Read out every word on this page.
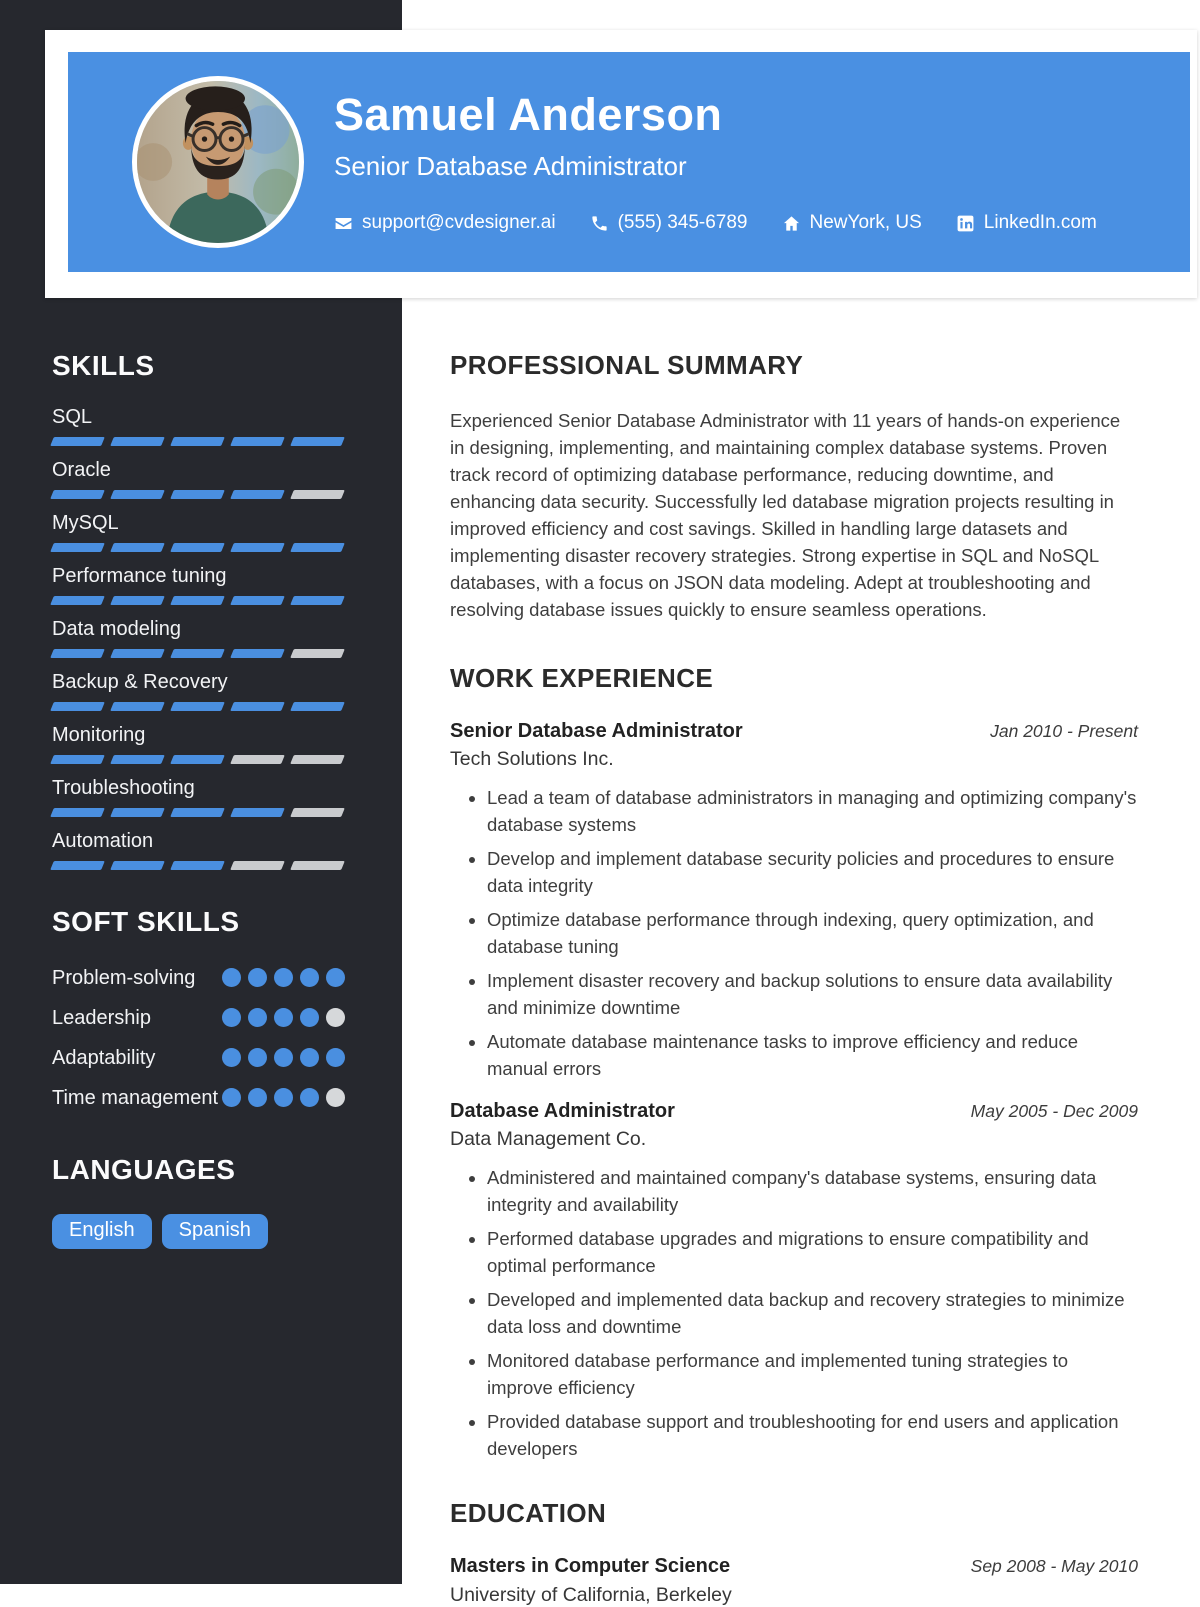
Samuel Anderson
Senior Database Administrator
support@cvdesigner.ai	(555) 345-6789	NewYork, US	LinkedIn.com
SKILLS
SQL
Oracle
MySQL
Performance tuning
Data modeling
Backup & Recovery
Monitoring
Troubleshooting
Automation
SOFT SKILLS
Problem-solving
Leadership
Adaptability
Time management
LANGUAGES
English	Spanish
PROFESSIONAL SUMMARY

Experienced Senior Database Administrator with 11 years of hands-on experience in designing, implementing, and maintaining complex database systems. Proven track record of optimizing database performance, reducing downtime, and enhancing data security. Successfully led database migration projects resulting in improved efficiency and cost savings. Skilled in handling large datasets and implementing disaster recovery strategies. Strong expertise in SQL and NoSQL databases, with a focus on JSON data modeling. Adept at troubleshooting and resolving database issues quickly to ensure seamless operations.

WORK EXPERIENCE
Senior Database Administrator	Jan 2010 - Present
Tech Solutions Inc.
• Lead a team of database administrators in managing and optimizing company's database systems
• Develop and implement database security policies and procedures to ensure data integrity
• Optimize database performance through indexing, query optimization, and database tuning
• Implement disaster recovery and backup solutions to ensure data availability and minimize downtime
• Automate database maintenance tasks to improve efficiency and reduce manual errors
Database Administrator	May 2005 - Dec 2009
Data Management Co.
• Administered and maintained company's database systems, ensuring data integrity and availability
• Performed database upgrades and migrations to ensure compatibility and optimal performance
• Developed and implemented data backup and recovery strategies to minimize data loss and downtime
• Monitored database performance and implemented tuning strategies to improve efficiency
• Provided database support and troubleshooting for end users and application developers
EDUCATION
Masters in Computer Science	Sep 2008 - May 2010
University of California, Berkeley
